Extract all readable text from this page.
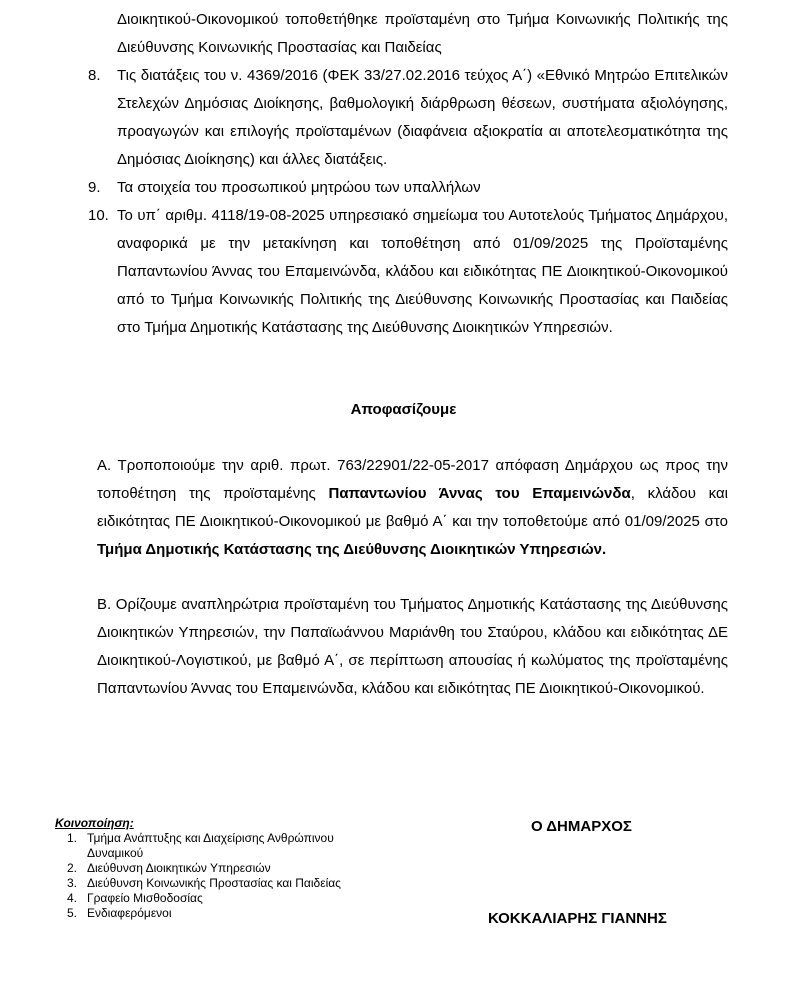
Διοικητικού-Οικονομικού τοποθετήθηκε προϊσταμένη στο Τμήμα Κοινωνικής Πολιτικής της Διεύθυνσης Κοινωνικής Προστασίας και Παιδείας
8.	Τις διατάξεις του ν. 4369/2016 (ΦΕΚ 33/27.02.2016 τεύχος Α΄) «Εθνικό Μητρώο Επιτελικών Στελεχών Δημόσιας Διοίκησης, βαθμολογική διάρθρωση θέσεων, συστήματα αξιολόγησης, προαγωγών και επιλογής προϊσταμένων (διαφάνεια αξιοκρατία αι αποτελεσματικότητα της Δημόσιας Διοίκησης) και άλλες διατάξεις.
9.	Τα στοιχεία του προσωπικού μητρώου των υπαλλήλων
10. Το υπ΄ αριθμ. 4118/19-08-2025 υπηρεσιακό σημείωμα του Αυτοτελούς Τμήματος Δημάρχου, αναφορικά με την μετακίνηση και τοποθέτηση από 01/09/2025 της Προϊσταμένης Παπαντωνίου Άννας του Επαμεινώνδα, κλάδου και ειδικότητας ΠΕ Διοικητικού-Οικονομικού από το Τμήμα Κοινωνικής Πολιτικής της Διεύθυνσης Κοινωνικής Προστασίας και Παιδείας στο Τμήμα Δημοτικής Κατάστασης της Διεύθυνσης Διοικητικών Υπηρεσιών.
Αποφασίζουμε
Α. Τροποποιούμε την αριθ. πρωτ. 763/22901/22-05-2017 απόφαση Δημάρχου ως προς την τοποθέτηση της προϊσταμένης Παπαντωνίου Άννας του Επαμεινώνδα, κλάδου και ειδικότητας ΠΕ Διοικητικού-Οικονομικού με βαθμό Α΄ και την τοποθετούμε από 01/09/2025 στο Τμήμα Δημοτικής Κατάστασης της Διεύθυνσης Διοικητικών Υπηρεσιών.
Β. Ορίζουμε αναπληρώτρια προϊσταμένη του Τμήματος Δημοτικής Κατάστασης της Διεύθυνσης Διοικητικών Υπηρεσιών, την Παπαϊωάννου Μαριάνθη του Σταύρου, κλάδου και ειδικότητας ΔΕ Διοικητικού-Λογιστικού, με βαθμό Α΄, σε περίπτωση απουσίας ή κωλύματος της προϊσταμένης Παπαντωνίου Άννας του Επαμεινώνδα, κλάδου και ειδικότητας ΠΕ Διοικητικού-Οικονομικού.
Κοινοποίηση:
1. Τμήμα Ανάπτυξης και Διαχείρισης Ανθρώπινου Δυναμικού
2. Διεύθυνση Διοικητικών Υπηρεσιών
3. Διεύθυνση Κοινωνικής Προστασίας και Παιδείας
4. Γραφείο Μισθοδοσίας
5. Ενδιαφερόμενοι
Ο ΔΗΜΑΡΧΟΣ
ΚΟΚΚΑΛΙΑΡΗΣ ΓΙΑΝΝΗΣ
